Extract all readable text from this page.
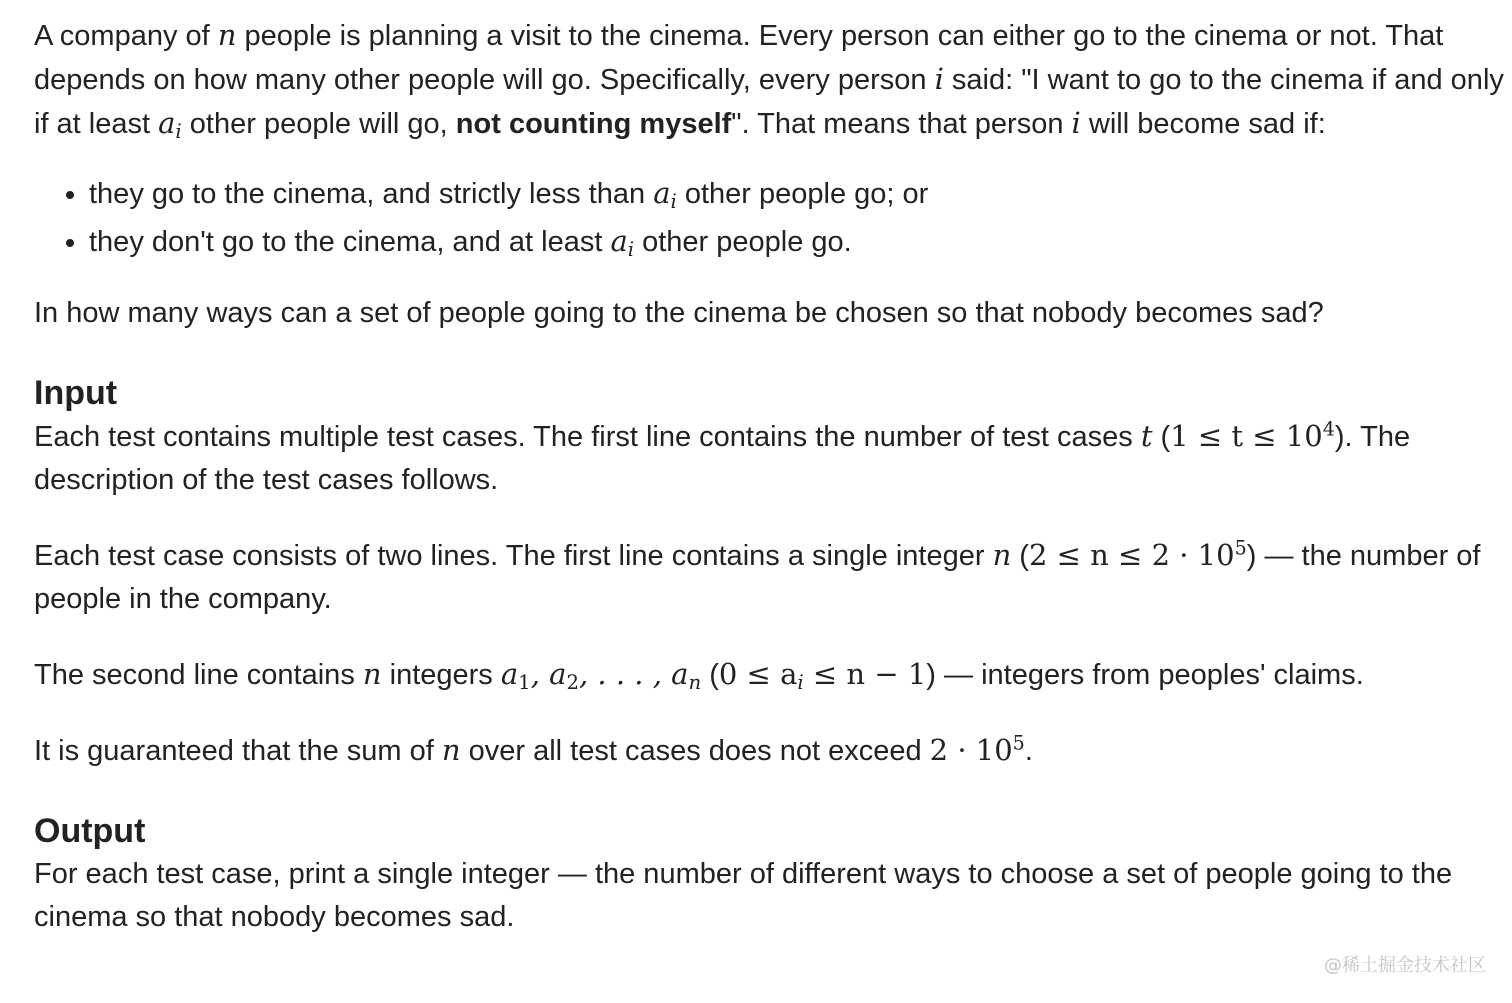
A company of n people is planning a visit to the cinema. Every person can either go to the cinema or not. That depends on how many other people will go. Specifically, every person i said: "I want to go to the cinema if and only if at least $a_i$ other people will go, not counting myself". That means that person i will become sad if:

• they go to the cinema, and strictly less than $a_i$ other people go; or
• they don't go to the cinema, and at least $a_i$ other people go.

In how many ways can a set of people going to the cinema be chosen so that nobody becomes sad?

Input

Each test contains multiple test cases. The first line contains the number of test cases t $(1 \le t \le 10^4)$. The description of the test cases follows.

Each test case consists of two lines. The first line contains a single integer n $(2 \le n \le 2 \cdot 10^5)$ — the number of people in the company.

The second line contains n integers $a_1$, $a_2$, . . . , $a_n$ $(0 \le a_i \le n - 1)$ — integers from peoples' claims.

It is guaranteed that the sum of n over all test cases does not exceed $2 \cdot 10^5$.

Output

For each test case, print a single integer — the number of different ways to choose a set of people going to the cinema so that nobody becomes sad.

@稀土掘金技术社区
